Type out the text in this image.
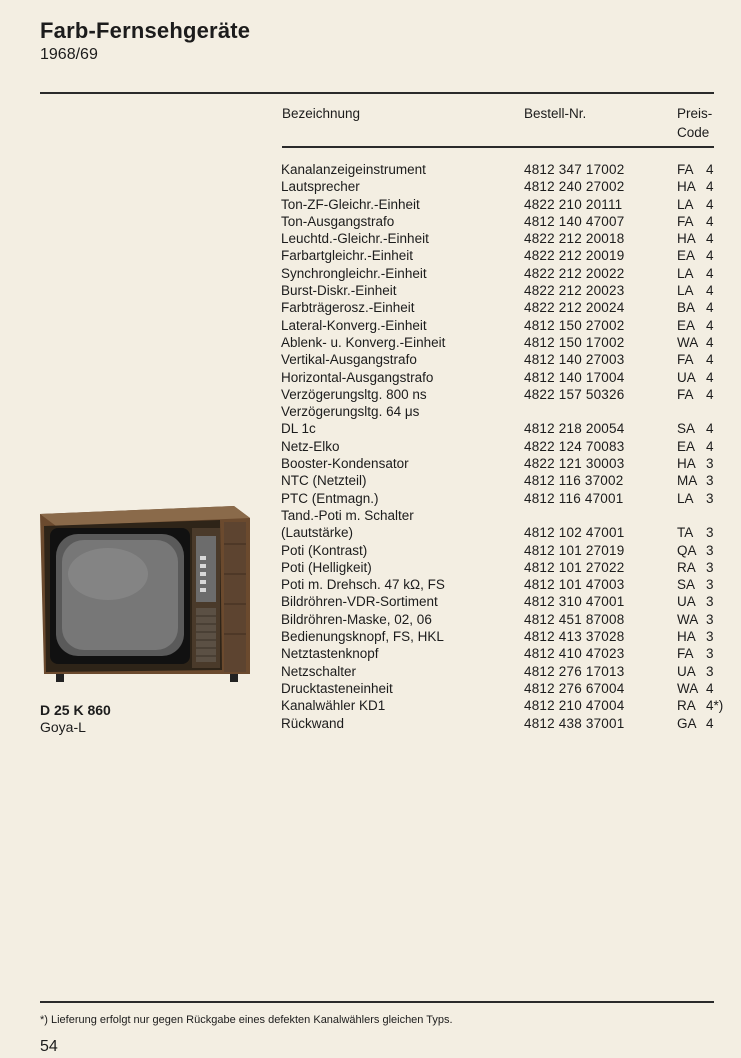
Farb-Fernsehgeräte
1968/69
Bezeichnung	Bestell-Nr.	Preis-
Code
Kanalanzeigeinstrument	4812 347 17002	FA 4
Lautsprecher	4812 240 27002	HA 4
Ton-ZF-Gleichr.-Einheit	4822 210 20111	LA 4
Ton-Ausgangstrafo	4812 140 47007	FA 4
Leuchtd.-Gleichr.-Einheit	4822 212 20018	HA 4
Farbartgleichr.-Einheit	4822 212 20019	EA 4
Synchrongleichr.-Einheit	4822 212 20022	LA 4
Burst-Diskr.-Einheit	4822 212 20023	LA 4
Farbträgerosz.-Einheit	4822 212 20024	BA 4
Lateral-Konverg.-Einheit	4812 150 27002	EA 4
Ablenk- u. Konverg.-Einheit	4812 150 17002	WA 4
Vertikal-Ausgangstrafo	4812 140 27003	FA 4
Horizontal-Ausgangstrafo	4812 140 17004	UA 4
Verzögerungsltg. 800 ns	4822 157 50326	FA 4
Verzögerungsltg. 64 μs
DL 1c	4812 218 20054	SA 4
Netz-Elko	4822 124 70083	EA 4
Booster-Kondensator	4822 121 30003	HA 3
NTC (Netzteil)	4812 116 37002	MA 3
PTC (Entmagn.)	4812 116 47001	LA 3
Tand.-Poti m. Schalter
(Lautstärke)	4812 102 47001	TA 3
Poti (Kontrast)	4812 101 27019	QA 3
Poti (Helligkeit)	4812 101 27022	RA 3
Poti m. Drehsch. 47 kΩ, FS	4812 101 47003	SA 3
Bildröhren-VDR-Sortiment	4812 310 47001	UA 3
Bildröhren-Maske, 02, 06	4812 451 87008	WA 3
Bedienungsknopf, FS, HKL	4812 413 37028	HA 3
Netztastenknopf	4812 410 47023	FA 3
Netzschalter	4812 276 17013	UA 3
Drucktasteneinheit	4812 276 67004	WA 4
Kanalwähler KD1	4812 210 47004	RA 4*)
Rückwand	4812 438 37001	GA 4
D 25 K 860
Goya-L
*) Lieferung erfolgt nur gegen Rückgabe eines defekten Kanalwählers gleichen Typs.
54
